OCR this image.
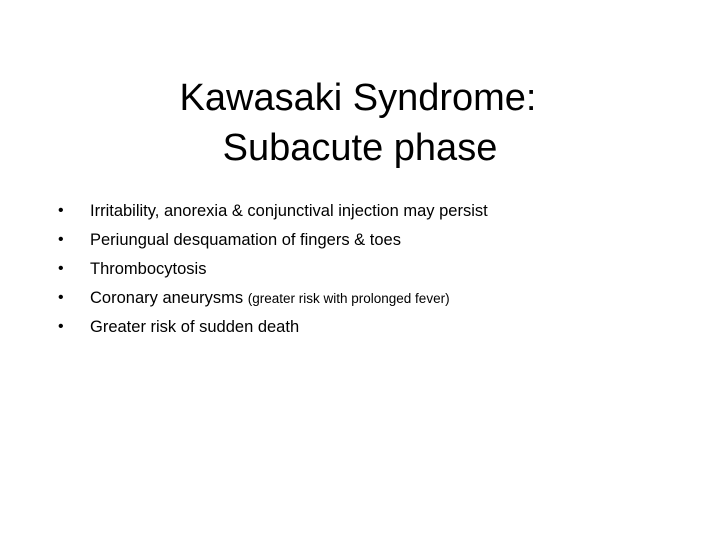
Kawasaki Syndrome:
Subacute phase
• Irritability, anorexia & conjunctival injection may persist
• Periungual desquamation of fingers & toes
• Thrombocytosis
• Coronary aneurysms (greater risk with prolonged fever)
• Greater risk of sudden death
